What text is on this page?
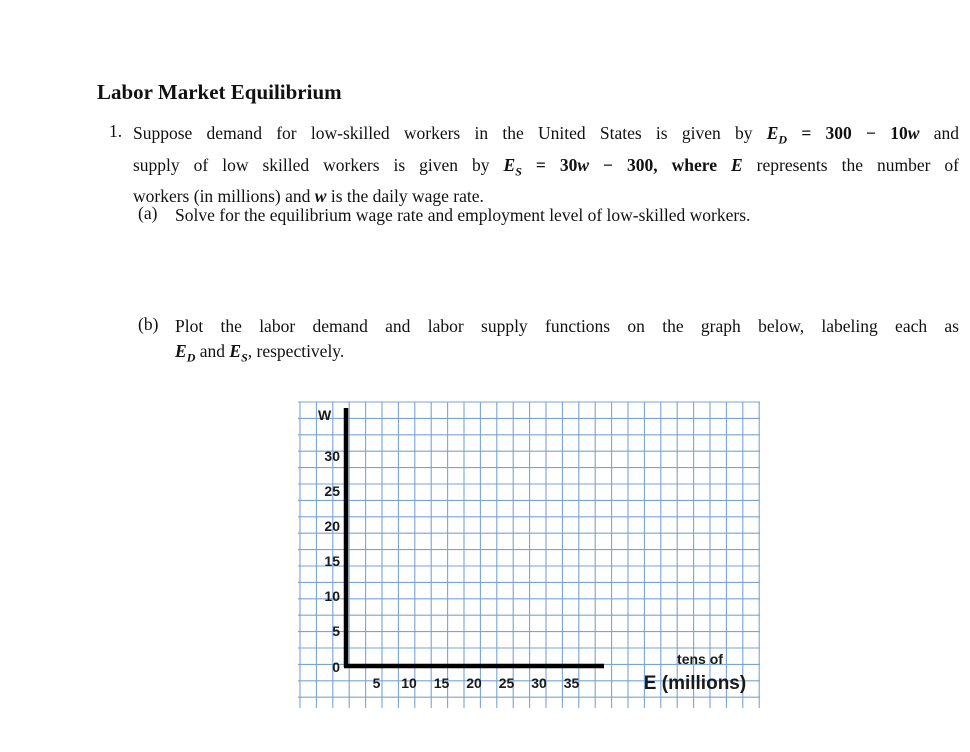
Labor Market Equilibrium
1. Suppose demand for low-skilled workers in the United States is given by $E_D = 300 - 10w$ and
supply of low skilled workers is given by $E_S = 30w - 300$, where E represents the number of
workers (in millions) and w is the daily wage rate.
(a) Solve for the equilibrium wage rate and employment level of low-skilled workers.
(b) Plot the labor demand and labor supply functions on the graph below, labeling each as
$E_D$ and $E_S$, respectively.
W
30
25
20
15
10
5
0
5 10 15 20 25 30 35
tens of
E (millions)
